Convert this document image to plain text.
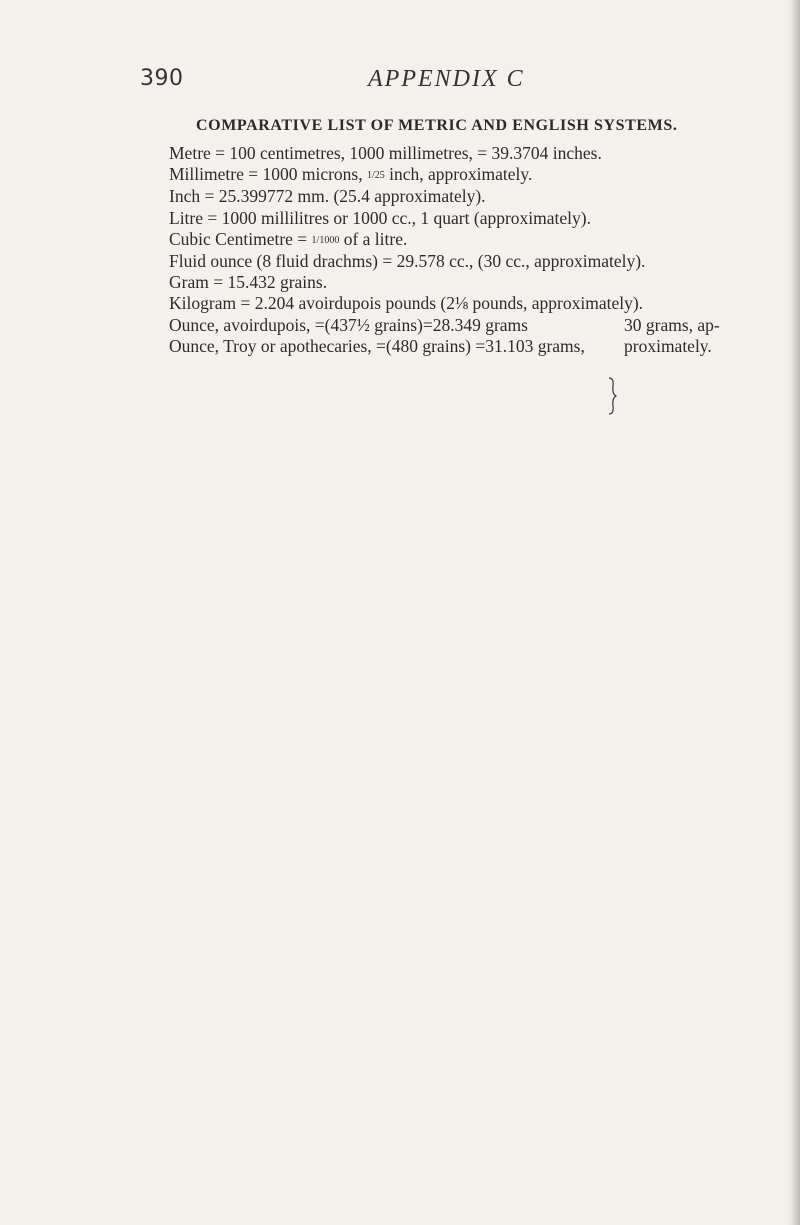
390	APPENDIX C
COMPARATIVE LIST OF METRIC AND ENGLISH SYSTEMS.
Metre = 100 centimetres, 1000 millimetres, = 39.3704 inches.
Millimetre = 1000 microns, 1/25 inch, approximately.
Inch = 25.399772 mm. (25.4 approximately).
Litre = 1000 millilitres or 1000 cc., 1 quart (approximately).
Cubic Centimetre = 1/1000 of a litre.
Fluid ounce (8 fluid drachms) = 29.578 cc., (30 cc., approximately).
Gram = 15.432 grains.
Kilogram = 2.204 avoirdupois pounds (2⅛ pounds, approximately).
Ounce, avoirdupois, =(437½ grains)=28.349 grams	30 grams, ap-
Ounce, Troy or apothecaries, =(480 grains) =31.103 grams, proximately.
